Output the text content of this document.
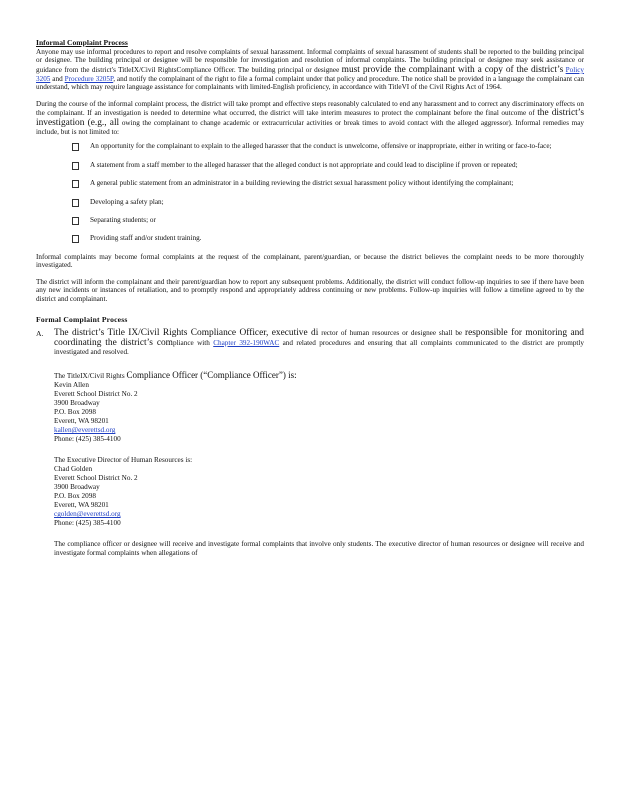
Informal Complaint Process

Anyone may use informal procedures to report and resolve complaints of sexual harassment. Informal complaints of sexual harassment of students shall be reported to the building principal or designee. The building principal or designee will be responsible for investigation and resolution of informal complaints. The building principal or designee may seek assistance or guidance from the district's TitleIX/Civil RightsCompliance Officer. The building principal or designee must provide the complainant with a copy of the district’s Policy 3205 and Procedure 3205P, and notify the complainant of the right to file a formal complaint under that policy and procedure. The notice shall be provided in a language the complainant can understand, which may require language assistance for complainants with limited-English proficiency, in accordance with TitleVI of the Civil Rights Act of 1964.

During the course of the informal complaint process, the district will take prompt and effective steps reasonably calculated to end any harassment and to correct any discriminatory effects on the complainant. If an investigation is needed to determine what occurred, the district will take interim measures to protect the complainant before the final outcome of the district’s investigation (e.g., all owing the complainant to change academic or extracurricular activities or break times to avoid contact with the alleged aggressor). Informal remedies may include, but is not limited to:

An opportunity for the complainant to explain to the alleged harasser that the conduct is unwelcome, offensive or inappropriate, either in writing or face-to-face;
A statement from a staff member to the alleged harasser that the alleged conduct is not appropriate and could lead to discipline if proven or repeated;
A general public statement from an administrator in a building reviewing the district sexual harassment policy without identifying the complainant;
Developing a safety plan;
Separating students; or
Providing staff and/or student training.

Informal complaints may become formal complaints at the request of the complainant, parent/guardian, or because the district believes the complaint needs to be more thoroughly investigated.

The district will inform the complainant and their parent/guardian how to report any subsequent problems. Additionally, the district will conduct follow-up inquiries to see if there have been any new incidents or instances of retaliation, and to promptly respond and appropriately address continuing or new problems. Follow-up inquiries will follow a timeline agreed to by the district and complainant.

Formal Complaint Process
A. The district’s Title IX/Civil Rights Compliance Officer, executive di rector of human resources or designee shall be responsible for monitoring and coordinating the district’s compliance with Chapter 392-190WAC and related procedures and ensuring that all complaints communicated to the district are promptly investigated and resolved.

The TitleIX/Civil Rights Compliance Officer (“Compliance Officer”) is:
Kevin Allen
Everett School District No. 2
3900 Broadway
P.O. Box 2098
Everett, WA 98201
kallen@everettsd.org
Phone: (425) 385-4100
The Executive Director of Human Resources is:
Chad Golden
Everett School District No. 2
3900 Broadway
P.O. Box 2098
Everett, WA 98201
cgolden@everettsd.org
Phone: (425) 385-4100

The compliance officer or designee will receive and investigate formal complaints that involve only students. The executive director of human resources or designee will receive and investigate formal complaints when allegations of
